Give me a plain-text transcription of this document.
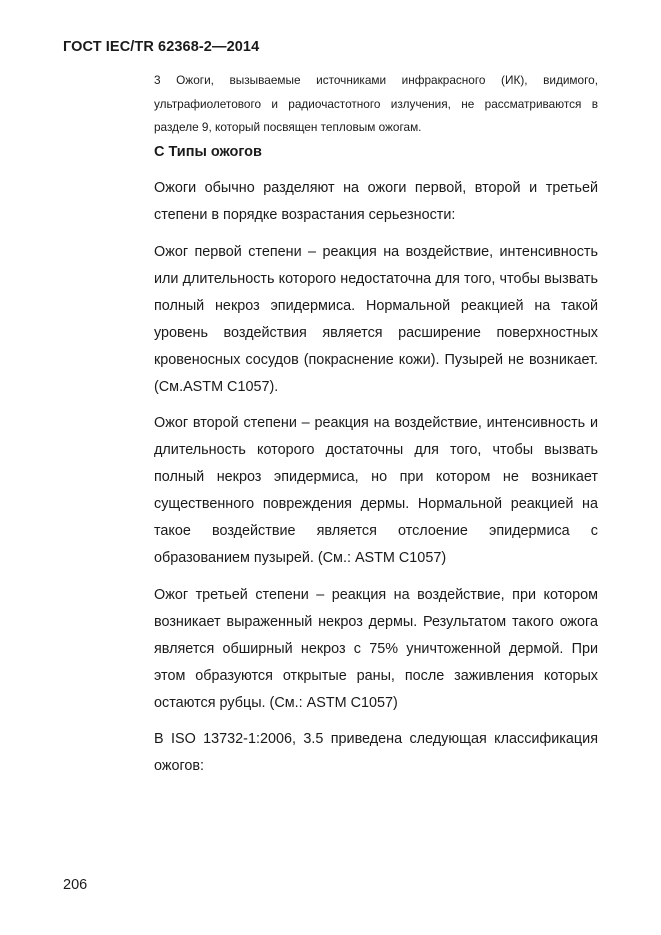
ГОСТ IEC/TR 62368-2—2014
3 Ожоги, вызываемые источниками инфракрасного (ИК), видимого, ультрафиолетового и радиочастотного излучения, не рассматриваются в разделе 9, который посвящен тепловым ожогам.
С Типы ожогов

Ожоги обычно разделяют на ожоги первой, второй и третьей степени в порядке возрастания серьезности:

Ожог первой степени – реакция на воздействие, интенсивность или длительность которого недостаточна для того, чтобы вызвать полный некроз эпидермиса. Нормальной реакцией на такой уровень воздействия является расширение поверхностных кровеносных сосудов (покраснение кожи). Пузырей не возникает. (См.ASTM C1057).

Ожог второй степени – реакция на воздействие, интенсивность и длительность которого достаточны для того, чтобы вызвать полный некроз эпидермиса, но при котором не возникает существенного повреждения дермы. Нормальной реакцией на такое воздействие является отслоение эпидермиса с образованием пузырей. (См.: ASTM C1057)

Ожог третьей степени – реакция на воздействие, при котором возникает выраженный некроз дермы. Результатом такого ожога является обширный некроз с 75% уничтоженной дермой. При этом образуются открытые раны, после заживления которых остаются рубцы. (См.: ASTM C1057)

В ISO 13732-1:2006, 3.5 приведена следующая классификация ожогов:

206
